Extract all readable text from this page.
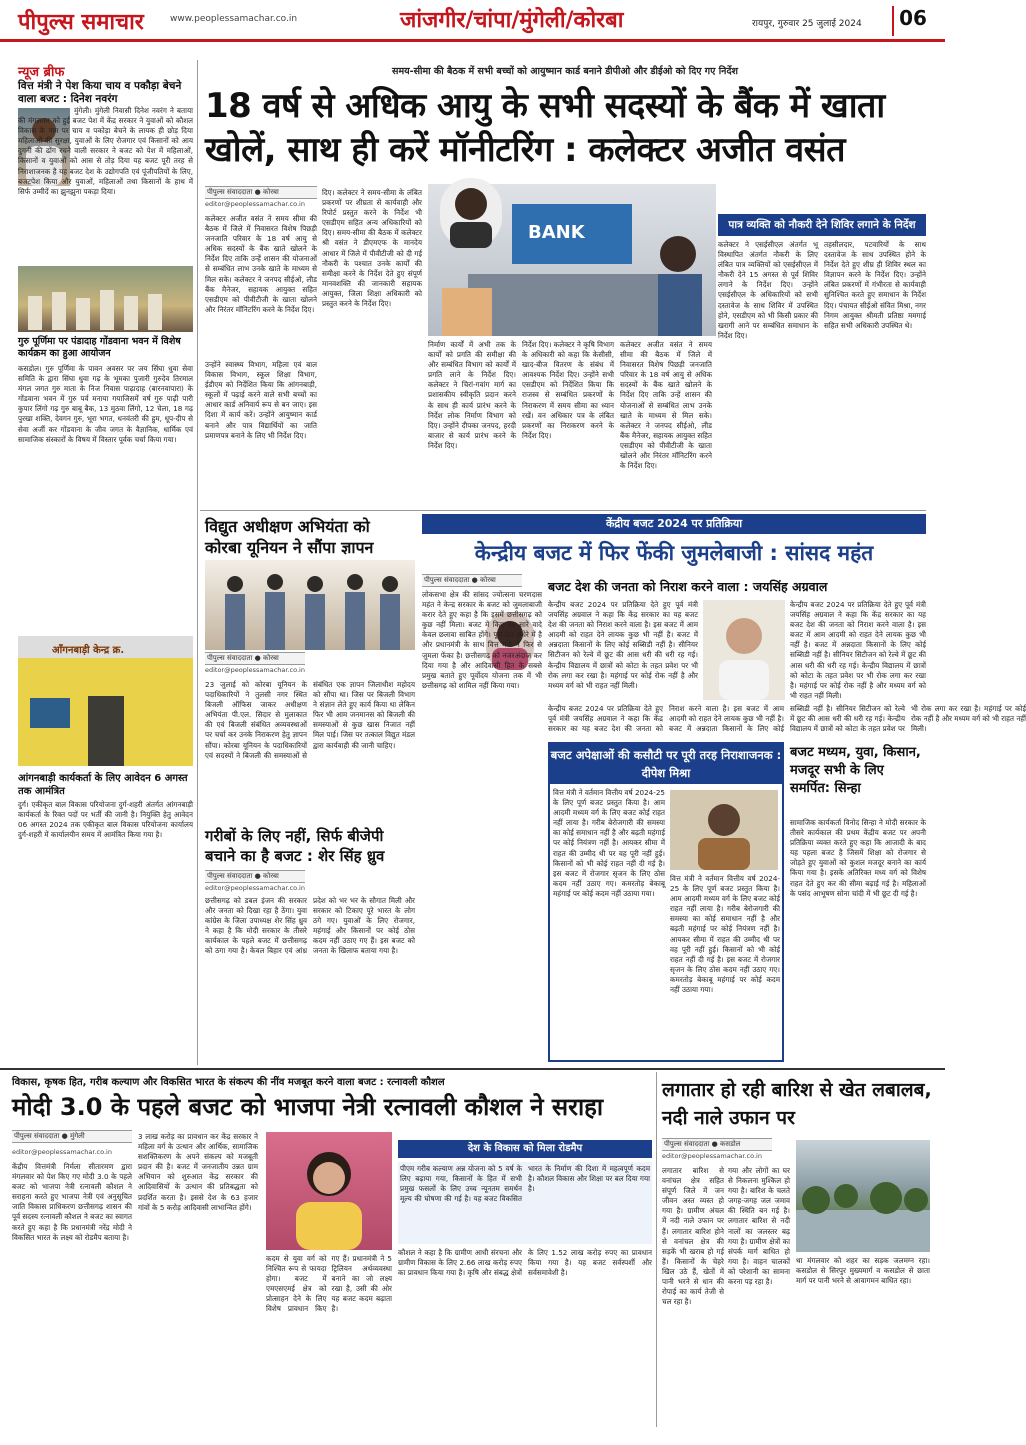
पीपुल्स समाचार	www.peoplessamachar.co.in	जांजगीर/चांपा/मुंगेली/कोरबा	रायपुर, गुरुवार 25 जुलाई 2024	06
न्यूज ब्रीफ
वित्त मंत्री ने पेश किया चाय व पकौड़ा बेचने वाला बजट : दिनेश नवरंग
मुंगेली। मुंगेली निवासी दिनेश नवरंग ने बताया की मंगलवार को हुई बजट पेश में केंद्र सरकार ने युवाओं को कौशल विकास के नाम पर चाय व पकोड़ा बेचने के लायक ही छोड़ दिया महिलाओं की सुरक्षा, युवाओं के लिए रोजगार एवं किसानों को आय दुगनी की ढोंग रचने वाली सरकार ने बजट को पेश में महिलाओं, किसानों व युवाओं को आस से तोड़ दिया यह बजट पूरी तरह से निराशाजनक है यह बजट देश के उद्योगपति एवं पूंजीपतियों के लिए, बजटपेश किया और युवाओं, महिलाओं तथा किसानों के हाथ में सिर्फ उम्मीदें का झुनझुना पकड़ा दिया।
गुरु पूर्णिमा पर पंडादाह गोंडवाना भवन में विशेष कार्यक्रम का हुआ आयोजन
कसडोल। गुरु पूर्णिमा के पावन अवसर पर जय सिंघा धुवा सेवा समिति के द्वारा सिंघा धुवा गढ़ के भूमका पुजारी गुरुदेव तिरमाल मंगल जगत गुरु माता के निज निवास पाढ़ादाह (बारनवापारा) के गोंडवाना भवन में गुरु पर्व मनाया गयाजिसमें वर्ष गुरु पाढ़ी पारी कुपार लिंगो गढ़ गुरु बाबू बैक, 13 मुठवा लिंगो, 12 चेला, 18 गढ़ पुरखा शक्ति, देवगन गुरु, भूरा भगत, धनवंतरी की हुम, धूप-दीप से सेवा अर्जी कर गोंडवाना के जीव जगत के वैज्ञानिक, धार्मिक एवं सामाजिक संस्कारों के विषय में विस्तार पूर्वक चर्चा किया गया।
आँगनबाड़ी केन्द्र क्र.
आंगनबाड़ी कार्यकर्ता के लिए आवेदन 6 अगस्त तक आमंत्रित
दुर्ग। एकीकृत बाल विकास परियोजना दुर्ग-शहरी अंतर्गत आंगनबाड़ी कार्यकर्ता के रिक्त पदों पर भर्ती की जानी है। नियुक्ति हेतु आवेदन 06 अगस्त 2024 तक एकीकृत बाल विकास परियोजना कार्यालय दुर्ग-शहरी में कार्यालयीन समय में आमंत्रित किया गया है।
समय-सीमा की बैठक में सभी बच्चों को आयुष्मान कार्ड बनाने डीपीओ और डीईओ को दिए गए निर्देश
18 वर्ष से अधिक आयु के सभी सदस्यों के बैंक में खाता खोलें, साथ ही करें मॉनीटरिंग : कलेक्टर अजीत वसंत
पीपुल्स संवाददाता ● कोरबा
editor@peoplessamachar.co.in
कलेक्टर अजीत वसंत ने समय सीमा की बैठक में जिले में निवासरत विशेष पिछड़ी जनजाति परिवार के 18 वर्ष आयु से अधिक सदस्यों के बैंक खाते खोलने के निर्देश दिए ताकि उन्हें शासन की योजनाओं से सम्बंधित लाभ उनके खाते के माध्यम से मिल सके। कलेक्टर ने जनपद सीईओ, लीड बैंक मैनेजर, सहायक आयुक्त सहित एसडीएम को पीवीटीजी के खाता खोलने और निरंतर मॉनिटरिंग करने के निर्देश दिए।
उन्होंने स्वास्थ्य विभाग, महिला एवं बाल विकास विभाग, स्कूल शिक्षा विभाग, ईडीएम को निर्देशित किया कि आंगनबाड़ी, स्कूलों में पढ़ाई करने वाले सभी बच्चों का आधार कार्ड अनिवार्य रूप से बन जाए। इस दिशा में कार्य करें। उन्होंने आयुष्मान कार्ड बनाने और पात्र विद्यार्थियों का जाति प्रमाणपत्र बनाने के लिए भी निर्देश दिए।
दिए। कलेक्टर ने समय-सीमा के लंबित प्रकरणों पर शीघ्रता से कार्यवाही और रिपोर्ट प्रस्तुत करने के निर्देश भी एसडीएम सहित अन्य अधिकारियों को दिए। समय-सीमा की बैठक में कलेक्टर श्री वसंत ने डीएमएफ के मानदेय आधार में जिले में पीवीटीजी को दी गई नौकरी के पश्चात उनके कार्यों की समीक्षा करने के निर्देश देते हुए संपूर्ण मानवशक्ति की जानकारी सहायक आयुक्त, जिला शिक्षा अधिकारी को प्रस्तुत करने के निर्देश दिए।
BANK
निर्माण कार्यों में अभी तक के कार्यों को प्रगति की समीक्षा की और सम्बंधित विभाग को कार्यों में प्रगति लाने के निर्देश दिए। कलेक्टर ने चिरां-गवांग मार्ग का प्रशासकीय स्वीकृति प्रदान करने के साथ ही कार्य प्रारंभ करने के निर्देश लोक निर्माण विभाग को दिए। उन्होंने दीपका जनपद, हरदी बाजार से कार्य प्रारंभ करने के निर्देश दिए।
निर्देश दिए। कलेक्टर ने कृषि विभाग के अधिकारी को कहा कि केसीसी, खाद-बीज वितरण के संबंध में आवश्यक निर्देश दिए। उन्होंने सभी एसडीएम को निर्देशित किया कि राजस्व से सम्बंधित प्रकरणों के निराकरण में समय सीमा का ध्यान रखें। वन अधिकार पत्र के लंबित प्रकरणों का निराकरण करने के निर्देश दिए।
कलेक्टर अजीत वसंत ने समय सीमा की बैठक में जिले में निवासरत विशेष पिछड़ी जनजाति परिवार के 18 वर्ष आयु से अधिक सदस्यों के बैंक खाते खोलने के निर्देश दिए ताकि उन्हें शासन की योजनाओं से सम्बंधित लाभ उनके खाते के माध्यम से मिल सके। कलेक्टर ने जनपद सीईओ, लीड बैंक मैनेजर, सहायक आयुक्त सहित एसडीएम को पीवीटीजी के खाता खोलने और निरंतर मॉनिटरिंग करने के निर्देश दिए।
पात्र व्यक्ति को नौकरी देने शिविर लगाने के निर्देश
कलेक्टर ने एसईसीएल अंतर्गत भू विस्थापित अंतर्गत नौकरी के लिए लंबित पात्र व्यक्तियों को एसईसीएल में नौकरी देने 15 अगस्त से पूर्व शिविर लगाने के निर्देश दिए। उन्होंने एसईसीएल के अधिकारियों को सभी दस्तावेज के साथ शिविर में उपस्थित होने, एसडीएम को भी किसी प्रकार की खरागी आने पर सम्बंधित समाधान के निर्देश दिए।
तहसीलदार, पटवारियों के साथ दस्तावेज के साथ उपस्थित होने के निर्देश देते हुए शीघ्र ही शिविर स्थल का विज्ञापन करने के निर्देश दिए। उन्होंने लंबित प्रकरणों में गंभीरता से कार्यवाही सुनिश्चित करते हुए समाधान के निर्देश दिए। पंचायत सीईओ संवित मिश्रा, नगर निगम आयुक्त श्रीमती प्रतिष्ठा ममगाई सहित सभी अधिकारी उपस्थित थे।
विद्युत अधीक्षण अभियंता को कोरबा यूनियन ने सौंपा ज्ञापन
पीपुल्स संवाददाता ● कोरबा
editor@peoplessamachar.co.in
23 जुलाई को कोरबा यूनियन के पदाधिकारियों ने तुलसी नगर स्थित बिजली ऑफिस जाकर अधीक्षण अभियंता पी.एल. सिदार से मुलाकात की एवं बिजली संबंधित अव्यवस्थाओं पर चर्चा कर उनके निराकरण हेतु ज्ञापन सौंपा। कोरबा यूनियन के पदाधिकारियों एवं सदस्यों ने बिजली की समस्याओं से संबंधित एक ज्ञापन जिलाधीश महोदय को सौंपा था। जिस पर बिजली विभाग ने संज्ञान लेते हुए कार्य किया था लेकिन फिर भी आम जनमानस को बिजली की समस्याओं से कुछ खास निजात नहीं मिल पाई। जिस पर तत्काल विद्युत मंडल द्वारा कार्यवाही की जानी चाहिए।
गरीबों के लिए नहीं, सिर्फ बीजेपी बचाने का है बजट : शेर सिंह ध्रुव
पीपुल्स संवाददाता ● कोरबा
editor@peoplessamachar.co.in
छत्तीसगढ़ को डबल इंजन की सरकार और जनता को दिखा रहा है ठेंगा। युवा कांग्रेस के जिला उपाध्यक्ष शेर सिंह ध्रुव ने कहा है कि मोदी सरकार के तीसरे कार्यकाल के पहले बजट में छत्तीसगढ़ को ठगा गया है। केवल बिहार एवं आंध्र प्रदेश को भर भर के सौगात मिली और सरकार को टिकाए पूरे भारत के लोग ठगे गए। युवाओं के लिए रोजगार, महंगाई और किसानों पर कोई ठोस कदम नहीं उठाए गए हैं। इस बजट को जनता के खिलाफ बताया गया है।
केंद्रीय बजट 2024 पर प्रतिक्रिया
केन्द्रीय बजट में फिर फेंकी जुमलेबाजी : सांसद महंत
पीपुल्स संवाददाता ● कोरबा
लोकसभा क्षेत्र की सांसद ज्योत्सना चरणदास महंत ने केन्द्र सरकार के बजट को जुमलाबाजी करार देते हुए कहा है कि इसमें छत्तीसगढ़ को कुछ नहीं मिला। बजट में किए गए सारे वादे केवल छलावा साबित होंगे। पूरा देश अंधेरे में है और प्रधानमंत्री के साथ वित्त मंत्री ने फिर से जुमला फेंका है। छत्तीसगढ़ को नजरअंदाज कर दिया गया है और आदिवासी हित के सबसे प्रमुख बताते हुए पूर्वोदय योजना तक में भी छत्तीसगढ़ को शामिल नहीं किया गया।
बजट देश की जनता को निराश करने वाला : जयसिंह अग्रवाल
केन्द्रीय बजट 2024 पर प्रतिक्रिया देते हुए पूर्व मंत्री जयसिंह अग्रवाल ने कहा कि केंद्र सरकार का यह बजट देश की जनता को निराश करने वाला है। इस बजट में आम आदमी को राहत देने लायक कुछ भी नहीं है। बजट में अन्नदाता किसानों के लिए कोई सब्सिडी नहीं है। सीनियर सिटीजन को रेल्वे में छूट की आस धरी की धरी रह गई। केन्द्रीय विद्यालय में छात्रों को कोटा के तहत प्रवेश पर भी रोक लगा कर रखा है। महंगाई पर कोई रोक नहीं है और मध्यम वर्ग को भी राहत नहीं मिली।
केन्द्रीय बजट 2024 पर प्रतिक्रिया देते हुए पूर्व मंत्री जयसिंह अग्रवाल ने कहा कि केंद्र सरकार का यह बजट देश की जनता को निराश करने वाला है। इस बजट में आम आदमी को राहत देने लायक कुछ भी नहीं है। बजट में अन्नदाता किसानों के लिए कोई सब्सिडी नहीं है। सीनियर सिटीजन को रेल्वे में छूट की आस धरी की धरी रह गई। केन्द्रीय विद्यालय में छात्रों को कोटा के तहत प्रवेश पर भी रोक लगा कर रखा है। महंगाई पर कोई रोक नहीं है और मध्यम वर्ग को भी राहत नहीं मिली।
केन्द्रीय बजट 2024 पर प्रतिक्रिया देते हुए पूर्व मंत्री जयसिंह अग्रवाल ने कहा कि केंद्र सरकार का यह बजट देश की जनता को निराश करने वाला है। इस बजट में आम आदमी को राहत देने लायक कुछ भी नहीं है। बजट में अन्नदाता किसानों के लिए कोई सब्सिडी नहीं है। सीनियर सिटीजन को रेल्वे में छूट की आस धरी की धरी रह गई। केन्द्रीय विद्यालय में छात्रों को कोटा के तहत प्रवेश पर भी रोक लगा कर रखा है। महंगाई पर कोई रोक नहीं है और मध्यम वर्ग को भी राहत नहीं मिली।
बजट अपेक्षाओं की कसौटी पर पूरी तरह निराशाजनक : दीपेश मिश्रा
वित्त मंत्री ने वर्तमान वित्तीय वर्ष 2024-25 के लिए पूर्ण बजट प्रस्तुत किया है। आम आदमी मध्यम वर्ग के लिए बजट कोई राहत नहीं लाया है। गरीब बेरोजगारी की समस्या का कोई समाधान नहीं है और बढ़ती महंगाई पर कोई नियंत्रण नहीं है। आयकर सीमा में राहत की उम्मीद थी पर वह पूरी नहीं हुई। किसानों को भी कोई राहत नहीं दी गई है। इस बजट में रोजगार सृजन के लिए ठोस कदम नहीं उठाए गए। कमरतोड़ बेकाबू महंगाई पर कोई कदम नहीं उठाया गया।
वित्त मंत्री ने वर्तमान वित्तीय वर्ष 2024-25 के लिए पूर्ण बजट प्रस्तुत किया है। आम आदमी मध्यम वर्ग के लिए बजट कोई राहत नहीं लाया है। गरीब बेरोजगारी की समस्या का कोई समाधान नहीं है और बढ़ती महंगाई पर कोई नियंत्रण नहीं है। आयकर सीमा में राहत की उम्मीद थी पर वह पूरी नहीं हुई। किसानों को भी कोई राहत नहीं दी गई है। इस बजट में रोजगार सृजन के लिए ठोस कदम नहीं उठाए गए। कमरतोड़ बेकाबू महंगाई पर कोई कदम नहीं उठाया गया।
बजट मध्यम, युवा, किसान, मजदूर सभी के लिए समर्पित: सिन्हा
सामाजिक कार्यकर्ता विनोद सिन्हा ने मोदी सरकार के तीसरे कार्यकाल की प्रथम केंद्रीय बजट पर अपनी प्रतिक्रिया व्यक्त करते हुए कहा कि आजादी के बाद यह पहला बजट है जिसमें शिक्षा को रोजगार से जोड़ते हुए युवाओं को कुशल मजदूर बनाने का कार्य किया गया है। इसके अतिरिक्त मध्य वर्ग को विशेष राहत देते हुए कर की सीमा बढ़ाई गई है। महिलाओं के पसंद आभूषण सोना चांदी में भी छूट दी गई है।
विकास, कृषक हित, गरीब कल्याण और विकसित भारत के संकल्प की नींव मजबूत करने वाला बजट : रत्नावली कौशल
मोदी 3.0 के पहले बजट को भाजपा नेत्री रत्नावली कौशल ने सराहा
पीपुल्स संवाददाता ● मुंगेली
editor@peoplessamachar.co.in
केंद्रीय वित्तमंत्री निर्मला सीतारमण द्वारा मंगलवार को पेश किए गए मोदी 3.0 के पहले बजट को भाजपा नेत्री रत्नावली कौशल ने सराहना करते हुए भाजपा नेत्री एवं अनुसूचित जाति विकास प्राधिकरण छत्तीसगढ़ शासन की पूर्व सदस्य रत्नावली कौशल ने बजट का स्वागत करते हुए कहा है कि प्रधानमंत्री नरेंद्र मोदी ने विकसित भारत के लक्ष्य को रोडमैप बताया है।
3 लाख करोड़ का प्रावधान कर केंद्र सरकार ने महिला वर्ग के उत्थान और आर्थिक, सामाजिक सशक्तिकरण के अपने संकल्प को मजबूती प्रदान की है। बजट में जनजातीय उन्नत ग्राम अभियान को शुरुआत केंद्र सरकार की आदिवासियों के उत्थान की प्रतिबद्धता को प्रदर्शित करता है। इससे देश के 63 हजार गांवों के 5 करोड़ आदिवासी लाभान्वित होंगे।
कदम से युवा वर्ग को निश्चित रूप से फायदा होगा। बजट में एमएसएमई क्षेत्र को प्रोत्साहन देने के लिए विशेष प्रावधान किए गए हैं। प्रधानमंत्री ने 5 ट्रिलियन अर्थव्यवस्था बनाने का जो लक्ष्य रखा है, उसी की ओर यह बजट कदम बढ़ाता है।
देश के विकास को मिला रोडमैप
पीएम गरीब कल्याण अन्न योजना को 5 वर्ष के लिए बढ़ाया गया, किसानों के हित में सभी प्रमुख फसलों के लिए उच्च न्यूनतम समर्थन मूल्य की घोषणा की गई है। यह बजट विकसित भारत के निर्माण की दिशा में महत्वपूर्ण कदम है। कौशल विकास और शिक्षा पर बल दिया गया है।
कौशल ने कहा है कि ग्रामीण आधी संरचना और ग्रामीण विकास के लिए 2.66 लाख करोड़ रुपए का प्रावधान किया गया है। कृषि और संबद्ध क्षेत्रों के लिए 1.52 लाख करोड़ रुपए का प्रावधान किया गया है। यह बजट सर्वस्पर्शी और सर्वसमावेशी है।
लगातार हो रही बारिश से खेत लबालब, नदी नाले उफान पर
पीपुल्स संवाददाता ● कसडोल
editor@peoplessamachar.co.in
लगातार बारिश से वनांचल क्षेत्र सहित संपूर्ण जिले में जन जीवन अस्त व्यस्त हो गया है। ग्रामीण अंचल में नदी नाले उफान पर हैं। लगातार बारिश होने से वनांचल क्षेत्र की सड़कें भी खराब हो गई हैं। किसानों के चेहरे खिल उठे हैं, खेतों में पानी भरने से धान की रोपाई का कार्य तेजी से चल रहा है।
गया और लोगों का घर से निकलना मुश्किल हो गया है। बारिश के चलते जगह-जगह जल जमाव की स्थिति बन गई है। लगातार बारिश से नदी नालों का जलस्तर बढ़ गया है। ग्रामीण क्षेत्रों का संपर्क मार्ग बाधित हो गया है। वाहन चालकों को परेशानी का सामना करना पड़ रहा है।
था मंगलवार को शहर का सड़क जलमग्न रहा। कसडोल से सिरपुर मुख्यमार्ग व कसडोल से छाता मार्ग पर पानी भरने से आवागमन बाधित रहा।
